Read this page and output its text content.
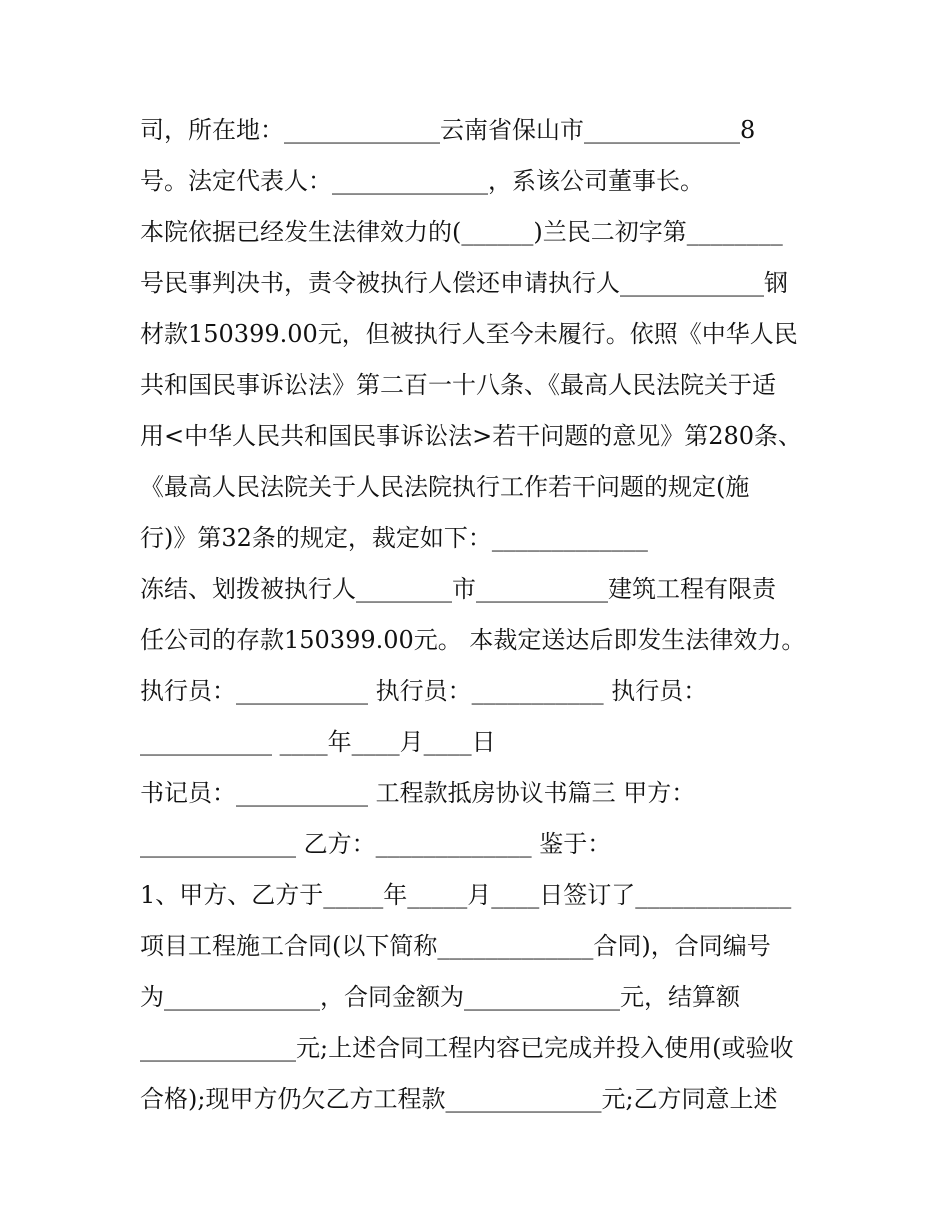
司，所在地：_____________云南省保山市_____________8
号。法定代表人：_____________，系该公司董事长。
本院依据已经发生法律效力的(______)兰民二初字第________
号民事判决书，责令被执行人偿还申请执行人____________钢
材款150399.00元，但被执行人至今未履行。依照《中华人民
共和国民事诉讼法》第二百一十八条、《最高人民法院关于适
用<中华人民共和国民事诉讼法>若干问题的意见》第280条、
《最高人民法院关于人民法院执行工作若干问题的规定(施
行)》第32条的规定，裁定如下：_____________
冻结、划拨被执行人________市___________建筑工程有限责
任公司的存款150399.00元。 本裁定送达后即发生法律效力。
执行员：___________ 执行员：___________ 执行员：
___________ ____年____月____日
书记员：___________ 工程款抵房协议书篇三 甲方：
_____________ 乙方：_____________ 鉴于：
1、甲方、乙方于_____年_____月____日签订了_____________
项目工程施工合同(以下简称_____________合同)，合同编号
为_____________，合同金额为_____________元，结算额
_____________元;上述合同工程内容已完成并投入使用(或验收
合格);现甲方仍欠乙方工程款_____________元;乙方同意上述
